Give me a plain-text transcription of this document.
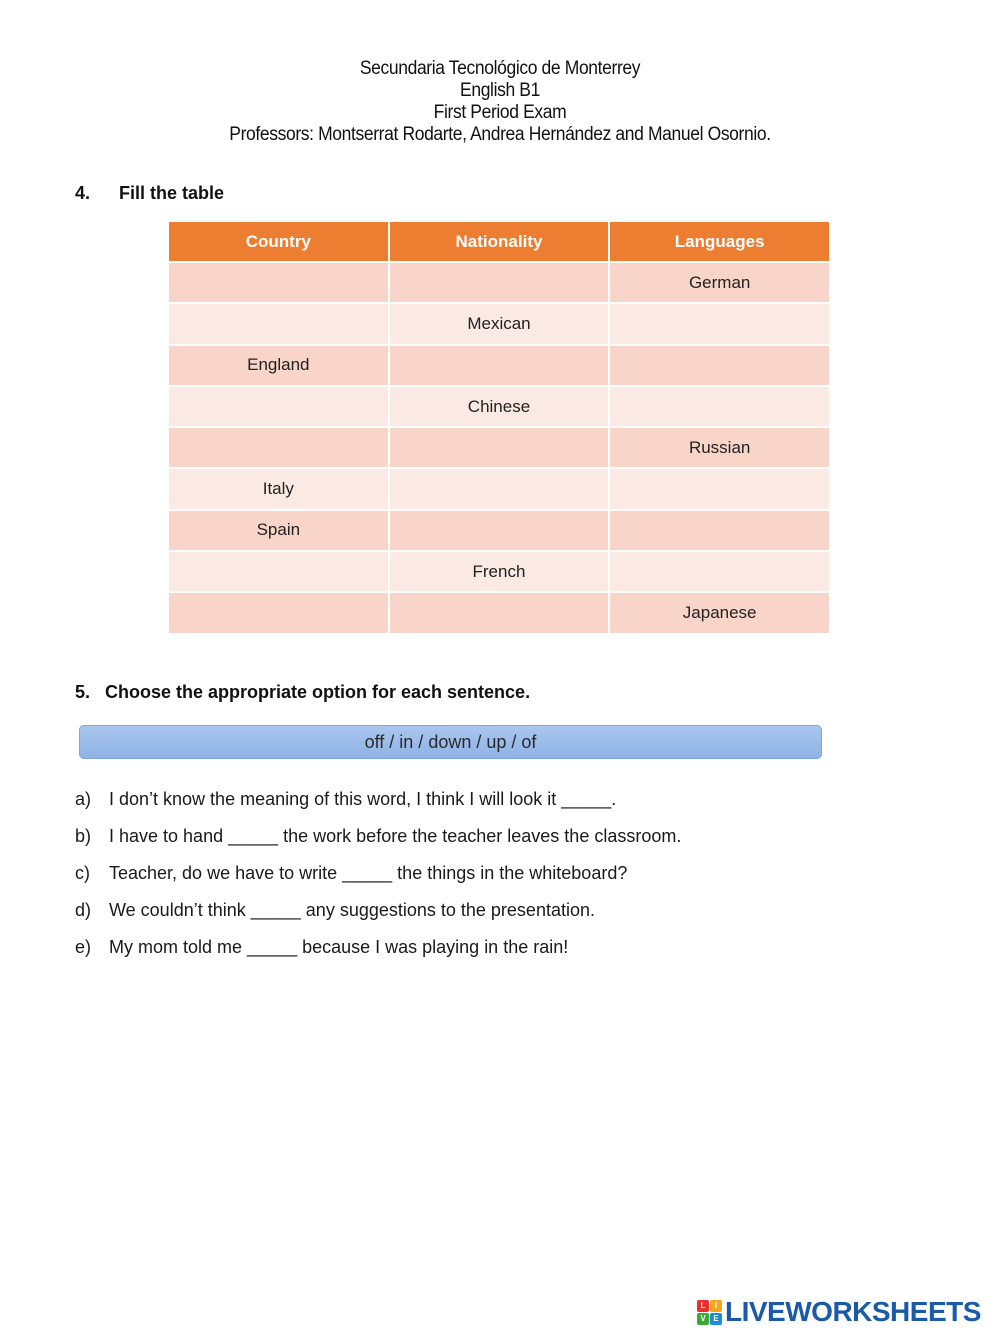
Secundaria Tecnológico de Monterrey
English B1
First Period Exam
Professors: Montserrat Rodarte, Andrea Hernández and Manuel Osornio.
4. Fill the table
Country	Nationality	Languages
		German
	Mexican	
England		
	Chinese	
		Russian
Italy		
Spain		
	French	
		Japanese
5. Choose the appropriate option for each sentence.
off / in / down / up / of
a) I don’t know the meaning of this word, I think I will look it _____.
b) I have to hand _____ the work before the teacher leaves the classroom.
c)	Teacher, do we have to write _____ the things in the whiteboard?
d) We couldn’t think _____ any suggestions to the presentation.
e) My mom told me _____ because I was playing in the rain!
L	I
V E LIVEWORKSHEETS
